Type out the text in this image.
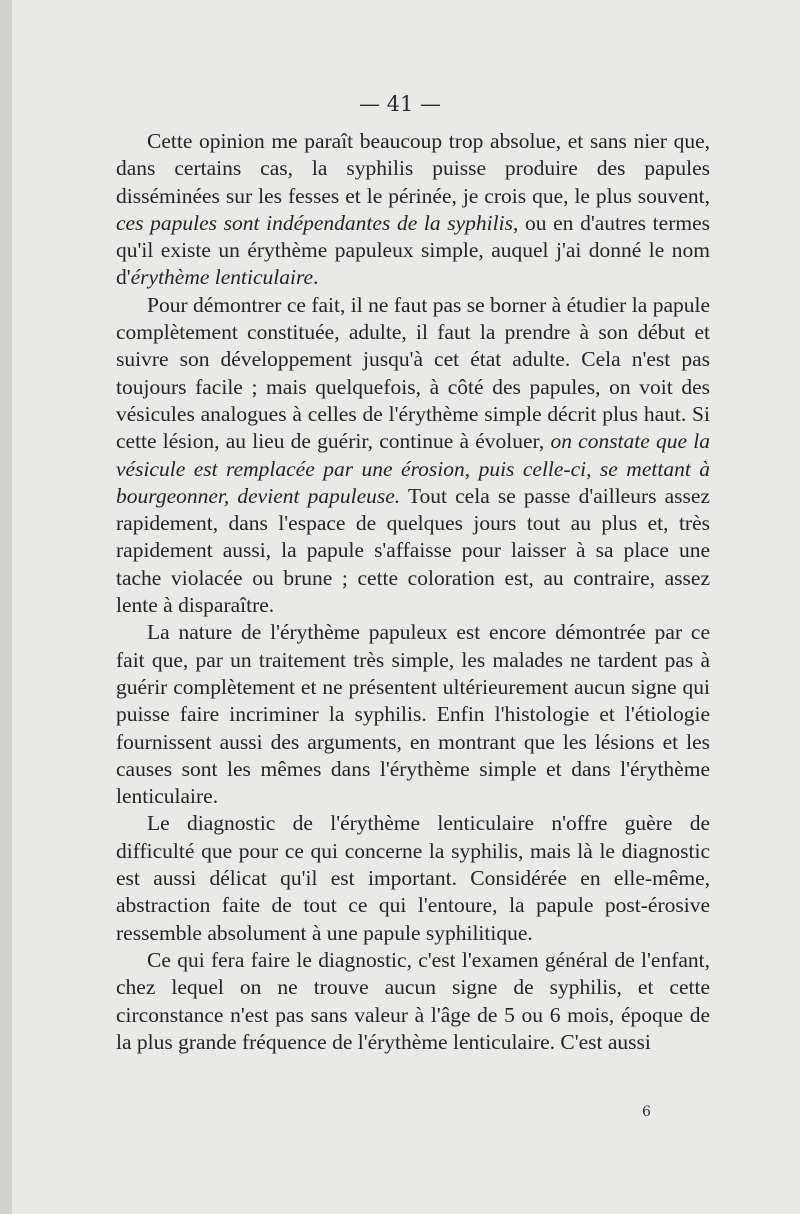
— 41 —

Cette opinion me paraît beaucoup trop absolue, et sans nier que, dans certains cas, la syphilis puisse produire des papules disséminées sur les fesses et le périnée, je crois que, le plus souvent, ces papules sont indépendantes de la syphilis, ou en d'autres termes qu'il existe un érythème papuleux simple, auquel j'ai donné le nom d'érythème lenticulaire.

Pour démontrer ce fait, il ne faut pas se borner à étudier la papule complètement constituée, adulte, il faut la prendre à son début et suivre son développement jusqu'à cet état adulte. Cela n'est pas toujours facile ; mais quelquefois, à côté des papules, on voit des vésicules analogues à celles de l'érythème simple décrit plus haut. Si cette lésion, au lieu de guérir, continue à évoluer, on constate que la vésicule est remplacée par une érosion, puis celle-ci, se mettant à bourgeonner, devient papuleuse. Tout cela se passe d'ailleurs assez rapidement, dans l'espace de quelques jours tout au plus et, très rapidement aussi, la papule s'affaisse pour laisser à sa place une tache violacée ou brune ; cette coloration est, au contraire, assez lente à disparaître.

La nature de l'érythème papuleux est encore démontrée par ce fait que, par un traitement très simple, les malades ne tardent pas à guérir complètement et ne présentent ultérieurement aucun signe qui puisse faire incriminer la syphilis. Enfin l'histologie et l'étiologie fournissent aussi des arguments, en montrant que les lésions et les causes sont les mêmes dans l'érythème simple et dans l'érythème lenticulaire.

Le diagnostic de l'érythème lenticulaire n'offre guère de difficulté que pour ce qui concerne la syphilis, mais là le diagnostic est aussi délicat qu'il est important. Considérée en elle-même, abstraction faite de tout ce qui l'entoure, la papule post-érosive ressemble absolument à une papule syphilitique.

Ce qui fera faire le diagnostic, c'est l'examen général de l'enfant, chez lequel on ne trouve aucun signe de syphilis, et cette circonstance n'est pas sans valeur à l'âge de 5 ou 6 mois, époque de la plus grande fréquence de l'érythème lenticulaire. C'est aussi

6
